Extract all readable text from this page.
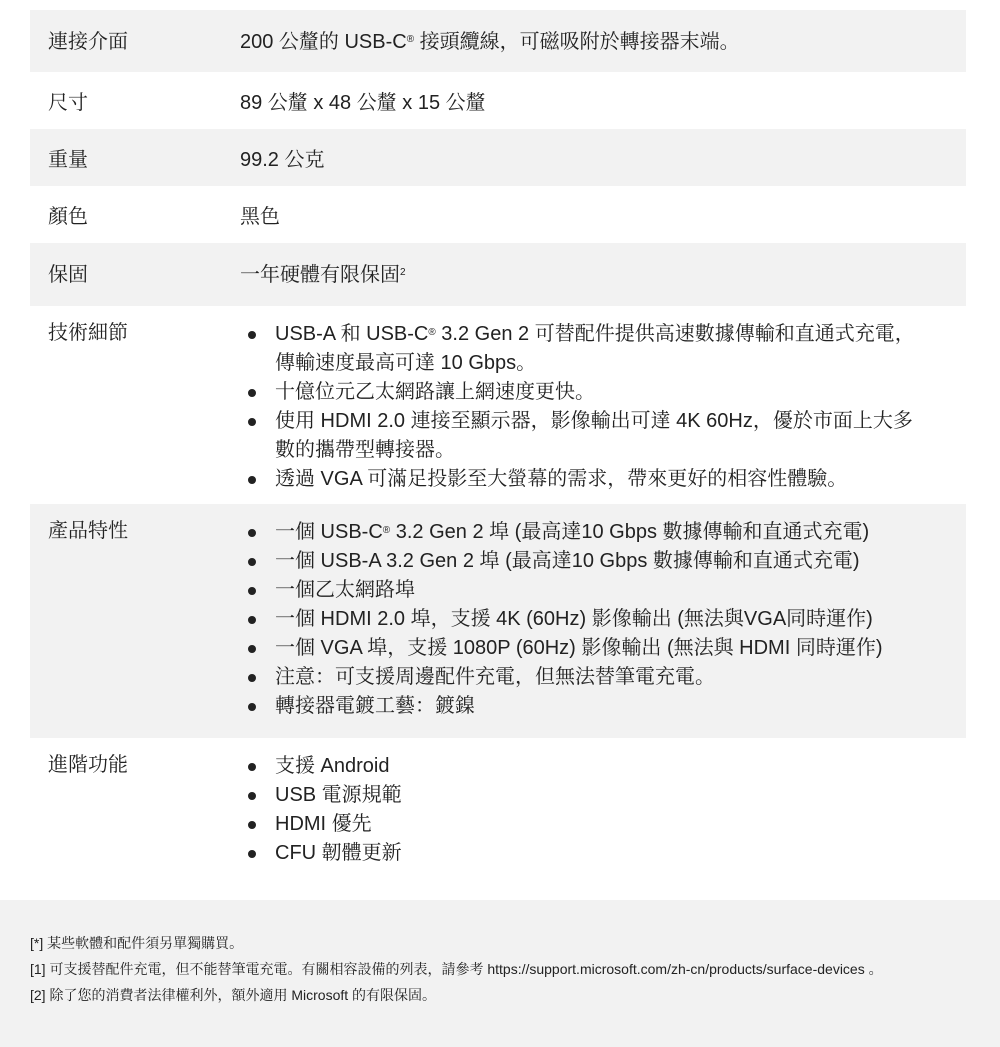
連接介面	200 公釐的 USB-C® 接頭纜線，可磁吸附於轉接器末端。
尺寸	89 公釐 x 48 公釐 x 15 公釐
重量	99.2 公克
顏色	黑色
保固	一年硬體有限保固$^2$
技術細節	USB-A 和 USB-C® 3.2 Gen 2 可替配件提供高速數據傳輸和直通式充電，
傳輸速度最高可達 10 Gbps。
十億位元乙太網路讓上網速度更快。
使用 HDMI 2.0 連接至顯示器，影像輸出可達 4K 60Hz，優於市面上大多
數的攜帶型轉接器。
透過 VGA 可滿足投影至大螢幕的需求，帶來更好的相容性體驗。
產品特性	一個 USB-C® 3.2 Gen 2 埠 (最高達10 Gbps 數據傳輸和直通式充電)
一個 USB-A 3.2 Gen 2 埠 (最高達10 Gbps 數據傳輸和直通式充電)
一個乙太網路埠
一個 HDMI 2.0 埠，支援 4K (60Hz) 影像輸出 (無法與VGA同時運作)
一個 VGA 埠，支援 1080P (60Hz) 影像輸出 (無法與 HDMI 同時運作)
注意：可支援周邊配件充電，但無法替筆電充電。
轉接器電鍍工藝：鍍鎳
進階功能	支援 Android
USB 電源規範
HDMI 優先
CFU 韌體更新
[*] 某些軟體和配件須另單獨購買。
[1] 可支援替配件充電，但不能替筆電充電。有關相容設備的列表，請參考 https://support.microsoft.com/zh-cn/products/surface-devices 。
[2] 除了您的消費者法律權利外，額外適用 Microsoft 的有限保固。
